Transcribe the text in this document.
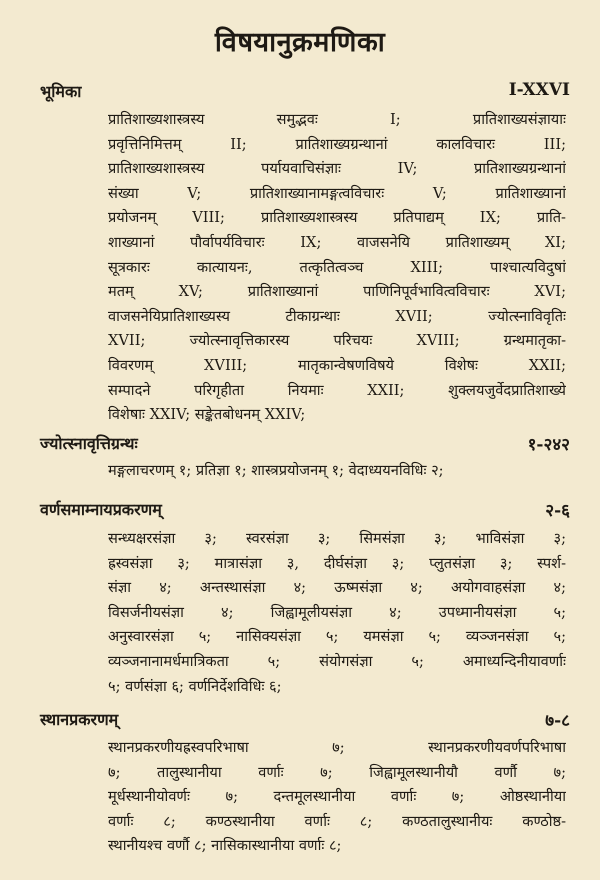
विषयानुक्रमणिका
भूमिका	I-XXVI
प्रातिशाख्यशास्त्रस्य समुद्भवः I; प्रातिशाख्यसंज्ञायाः
प्रवृत्तिनिमित्तम् II; प्रातिशाख्यग्रन्थानां कालविचारः III;
प्रातिशाख्यशास्त्रस्य पर्यायवाचिसंज्ञाः IV; प्रातिशाख्यग्रन्थानां
संख्या V; प्रातिशाख्यानामङ्गत्वविचारः V; प्रातिशाख्यानां
प्रयोजनम् VIII; प्रातिशाख्यशास्त्रस्य प्रतिपाद्यम् IX; प्राति-
शाख्यानां पौर्वापर्यविचारः IX; वाजसनेयि प्रातिशाख्यम् XI;
सूत्रकारः कात्यायनः, तत्कृतित्वञ्च XIII; पाश्चात्यविदुषां
मतम् XV; प्रातिशाख्यानां पाणिनिपूर्वभावित्वविचारः XVI;
वाजसनेयिप्रातिशाख्यस्य टीकाग्रन्थाः XVII; ज्योत्स्नाविवृतिः
XVII; ज्योत्स्नावृत्तिकारस्य परिचयः XVIII; ग्रन्थमातृका-
विवरणम् XVIII; मातृकान्वेषणविषये विशेषः XXII;
सम्पादने परिगृहीता नियमाः XXII; शुक्लयजुर्वेदप्रातिशाख्ये
विशेषाः XXIV; सङ्केतबोधनम् XXIV;
ज्योत्स्नावृत्तिग्रन्थः	१-२४२
मङ्गलाचरणम् १; प्रतिज्ञा १; शास्त्रप्रयोजनम् १; वेदाध्ययनविधिः २;
वर्णसमाम्नायप्रकरणम्	२-६
सन्ध्यक्षरसंज्ञा ३; स्वरसंज्ञा ३; सिमसंज्ञा ३; भाविसंज्ञा ३;
ह्रस्वसंज्ञा ३; मात्रासंज्ञा ३, दीर्घसंज्ञा ३; प्लुतसंज्ञा ३; स्पर्श-
संज्ञा ४; अन्तस्थासंज्ञा ४; ऊष्मसंज्ञा ४; अयोगवाहसंज्ञा ४;
विसर्जनीयसंज्ञा ४; जिह्वामूलीयसंज्ञा ४; उपध्मानीयसंज्ञा ५;
अनुस्वारसंज्ञा ५; नासिक्यसंज्ञा ५; यमसंज्ञा ५; व्यञ्जनसंज्ञा ५;
व्यञ्जनानामर्धमात्रिकता ५; संयोगसंज्ञा ५; अमाध्यन्दिनीयावर्णाः
५; वर्णसंज्ञा ६; वर्णनिर्देशविधिः ६;
स्थानप्रकरणम्	७-८
स्थानप्रकरणीयह्रस्वपरिभाषा ७; स्थानप्रकरणीयवर्णपरिभाषा
७; तालुस्थानीया वर्णाः ७; जिह्वामूलस्थानीयौ वर्णौ ७;
मूर्धस्थानीयोवर्णः ७; दन्तमूलस्थानीया वर्णाः ७; ओष्ठस्थानीया
वर्णाः ८; कण्ठस्थानीया वर्णाः ८; कण्ठतालुस्थानीयः कण्ठोष्ठ-
स्थानीयश्च वर्णौ ८; नासिकास्थानीया वर्णाः ८;
